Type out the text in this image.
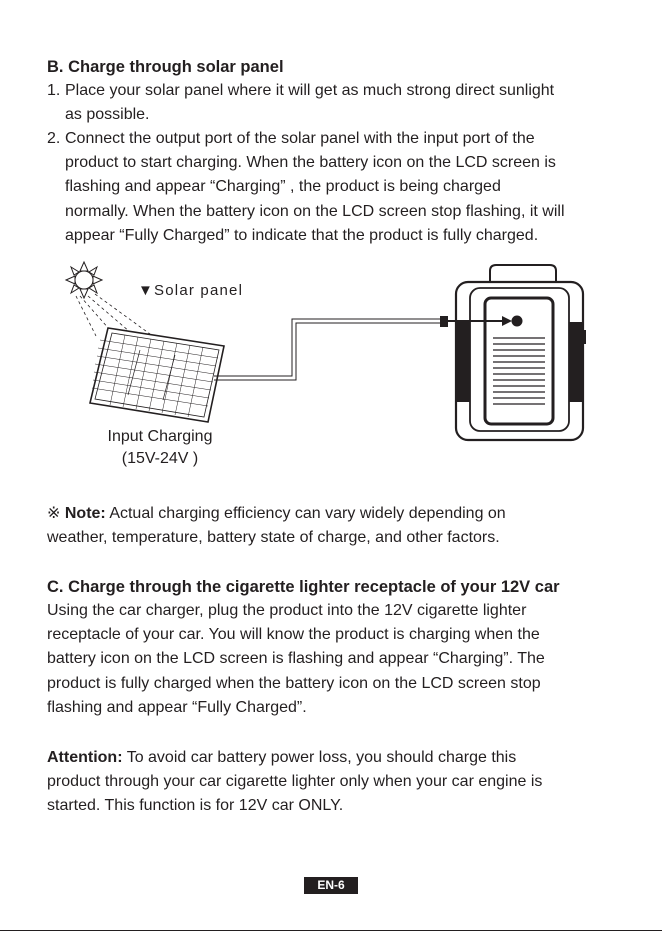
B. Charge through solar panel
1. Place your solar panel where it will get as much strong direct sunlight
as possible.
2. Connect the output port of the solar panel with the input port of the
product to start charging. When the battery icon on the LCD screen is
flashing and appear “Charging” , the product is being charged
normally. When the battery icon on the LCD screen stop flashing, it will
appear “Fully Charged” to indicate that the product is fully charged.
▼Solar panel
Input Charging
(15V-24V )
※ Note: Actual charging efficiency can vary widely depending on
weather, temperature, battery state of charge, and other factors.
C. Charge through the cigarette lighter receptacle of your 12V car
Using the car charger, plug the product into the 12V cigarette lighter
receptacle of your car. You will know the product is charging when the
battery icon on the LCD screen is flashing and appear “Charging”. The
product is fully charged when the battery icon on the LCD screen stop
flashing and appear “Fully Charged”.
Attention: To avoid car battery power loss, you should charge this
product through your car cigarette lighter only when your car engine is
started. This function is for 12V car ONLY.
EN-6
